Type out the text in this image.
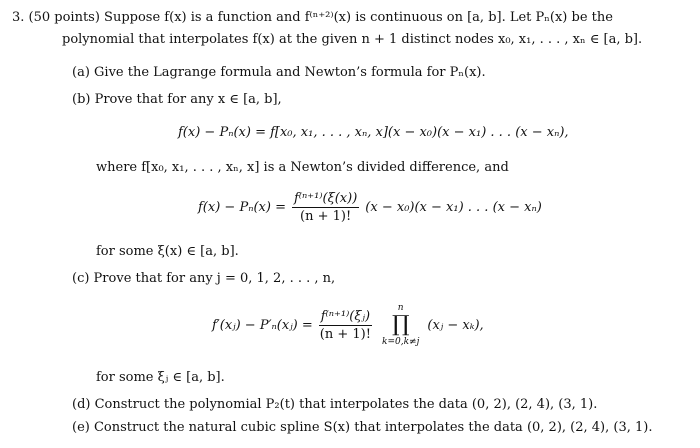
3. (50 points) Suppose f(x) is a function and f⁽ⁿ⁺²⁾(x) is continuous on [a, b]. Let Pₙ(x) be the
polynomial that interpolates f(x) at the given n + 1 distinct nodes x₀, x₁, . . . , xₙ ∈ [a, b].
(a) Give the Lagrange formula and Newton’s formula for Pₙ(x).
(b) Prove that for any x ∈ [a, b],
f(x) − Pₙ(x) = f[x₀, x₁, . . . , xₙ, x](x − x₀)(x − x₁) . . . (x − xₙ),
where f[x₀, x₁, . . . , xₙ, x] is a Newton’s divided difference, and
$f(x) - P_n(x) = \frac{\text{f⁽ⁿ⁺¹⁾(ξ(x))}}{(n + 1)!} (x - x_0)(x - x_1)$ . . . (x − xₙ)
for some ξ(x) ∈ [a, b].
(c) Prove that for any j = 0, 1, 2, . . . , n,
f′(xⱼ) − P′ₙ(xⱼ) = $\frac{\text{f⁽ⁿ⁺¹⁾(ξⱼ)}}{(n + 1)!}$
n
∏
k=0,k≠j
(xⱼ − xₖ),
for some ξⱼ ∈ [a, b].
(d) Construct the polynomial P₂(t) that interpolates the data (0, 2), (2, 4), (3, 1).
(e) Construct the natural cubic spline S(x) that interpolates the data (0, 2), (2, 4), (3, 1).
